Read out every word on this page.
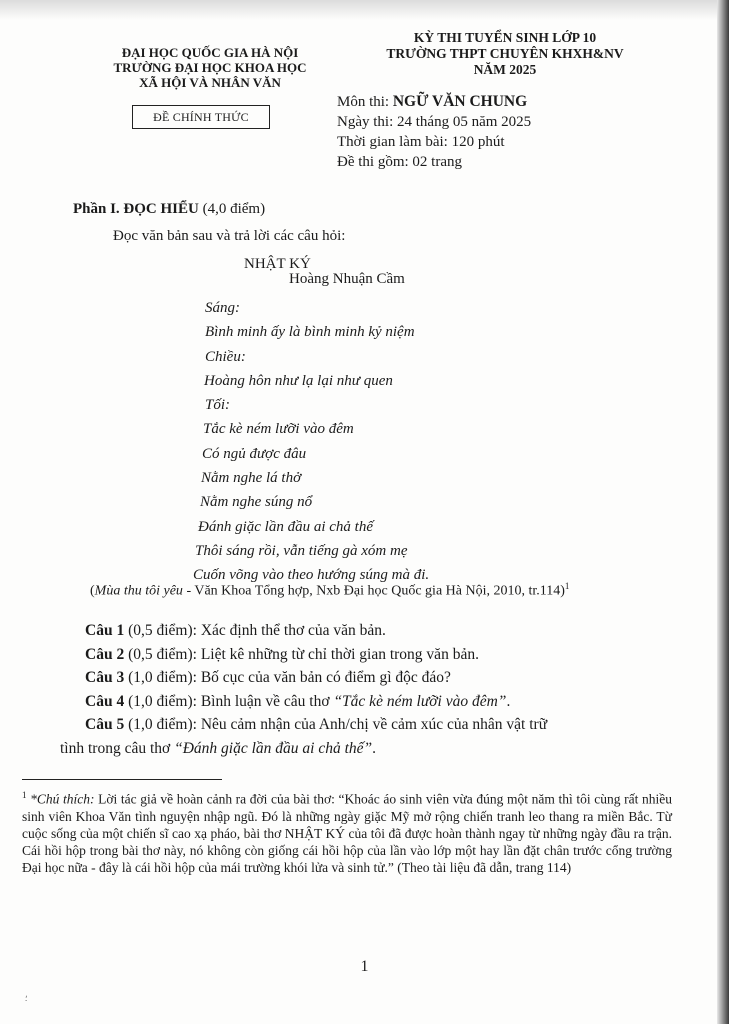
ĐẠI HỌC QUỐC GIA HÀ NỘI
TRƯỜNG ĐẠI HỌC KHOA HỌC
XÃ HỘI VÀ NHÂN VĂN
KỲ THI TUYỂN SINH LỚP 10
TRƯỜNG THPT CHUYÊN KHXH&NV
NĂM 2025
ĐỀ CHÍNH THỨC
Môn thi: NGỮ VĂN CHUNG
Ngày thi: 24 tháng 05 năm 2025
Thời gian làm bài: 120 phút
Đề thi gồm: 02 trang
Phần I. ĐỌC HIỂU (4,0 điểm)
Đọc văn bản sau và trả lời các câu hỏi:
NHẬT KÝ
Hoàng Nhuận Cầm
Sáng:
Bình minh ấy là bình minh kỷ niệm
Chiều:
Hoàng hôn như lạ lại như quen
Tối:
Tắc kè ném lưỡi vào đêm
Có ngủ được đâu
Nằm nghe lá thở
Nằm nghe súng nổ
Đánh giặc lần đầu ai chả thế
Thôi sáng rồi, vẫn tiếng gà xóm mẹ
Cuốn võng vào theo hướng súng mà đi.
(Mùa thu tôi yêu - Văn Khoa Tổng hợp, Nxb Đại học Quốc gia Hà Nội, 2010, tr.114)$^1$
Câu 1 (0,5 điểm): Xác định thể thơ của văn bản.
Câu 2 (0,5 điểm): Liệt kê những từ chỉ thời gian trong văn bản.
Câu 3 (1,0 điểm): Bố cục của văn bản có điểm gì độc đáo?
Câu 4 (1,0 điểm): Bình luận về câu thơ “Tắc kè ném lưỡi vào đêm”.
Câu 5 (1,0 điểm): Nêu cảm nhận của Anh/chị về cảm xúc của nhân vật trữ
tình trong câu thơ “Đánh giặc lần đầu ai chả thế”.
$^1$ *Chú thích: Lời tác giả về hoàn cảnh ra đời của bài thơ: “Khoác áo sinh viên vừa đúng một năm thì tôi cùng rất nhiều sinh viên Khoa Văn tình nguyện nhập ngũ. Đó là những ngày giặc Mỹ mở rộng chiến tranh leo thang ra miền Bắc. Từ cuộc sống của một chiến sĩ cao xạ pháo, bài thơ NHẬT KÝ của tôi đã được hoàn thành ngay từ những ngày đầu ra trận. Cái hồi hộp trong bài thơ này, nó không còn giống cái hồi hộp của lần vào lớp một hay lần đặt chân trước cổng trường Đại học nữa - đây là cái hồi hộp của mái trường khói lửa và sinh tử.” (Theo tài liệu đã dẫn, trang 114)
1
⸵
